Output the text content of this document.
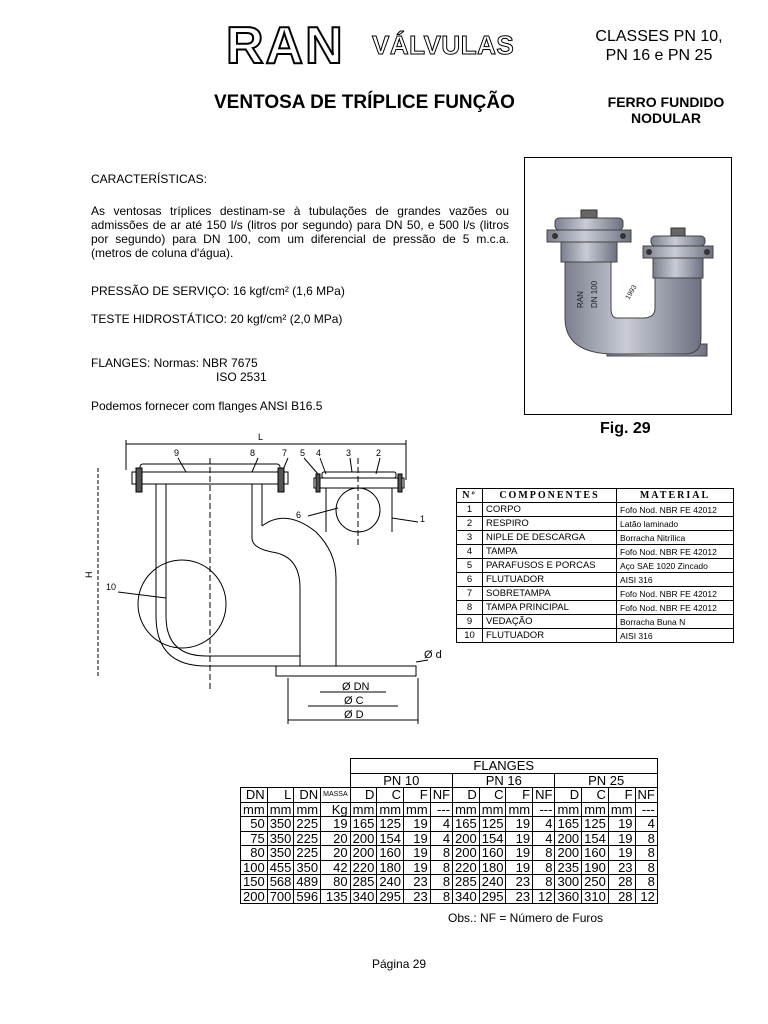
RAN VÁLVULAS	CLASSES PN 10,
PN 16 e PN 25
VENTOSA DE TRÍPLICE FUNÇÃO	FERRO FUNDIDO
NODULAR
CARACTERÍSTICAS:
As ventosas tríplices destinam-se à tubulações de grandes vazões ou admissões de ar até 150 l/s (litros por segundo) para DN 50, e 500 l/s (litros por segundo) para DN 100, com um diferencial de pressão de 5 m.c.a. (metros de coluna d'água).
PRESSÃO DE SERVIÇO: 16 kgf/cm² (1,6 MPa)
TESTE HIDROSTÁTICO: 20 kgf/cm² (2,0 MPa)
FLANGES: Normas: NBR 7675
ISO 2531
Podemos fornecer com flanges ANSI B16.5
RAN DN 100	1993
Fig. 29
L
H
9	8	7 5 4	3	2
6	1
10
Ø d
Ø DN
Ø C
Ø D
Nº	COMPONENTES	MATERIAL
1	CORPO	Fofo Nod. NBR FE 42012
2	RESPIRO	Latão laminado
3	NIPLE DE DESCARGA	Borracha Nitrílica
4	TAMPA	Fofo Nod. NBR FE 42012
5	PARAFUSOS E PORCAS	Aço SAE 1020 Zincado
6	FLUTUADOR	AISI 316
7	SOBRETAMPA	Fofo Nod. NBR FE 42012
8	TAMPA PRINCIPAL	Fofo Nod. NBR FE 42012
9	VEDAÇÃO	Borracha Buna N
10	FLUTUADOR	AISI 316
				FLANGES											
				PN 10				PN 16				PN 25			
DN	L	DN	MASSA	D	C	F	NF	D	C	F	NF	D	C	F	NF
mm	mm	mm	Kg	mm	mm	mm	---	mm	mm	mm	---	mm	mm	mm	---
50	350	225	19	165	125	19	4	165	125	19	4	165	125	19	4
75	350	225	20	200	154	19	4	200	154	19	4	200	154	19	8
80	350	225	20	200	160	19	8	200	160	19	8	200	160	19	8
100	455	350	42	220	180	19	8	220	180	19	8	235	190	23	8
150	568	489	80	285	240	23	8	285	240	23	8	300	250	28	8
200	700	596	135	340	295	23	8	340	295	23	12	360	310	28	12
Obs.: NF = Número de Furos
Página 29
